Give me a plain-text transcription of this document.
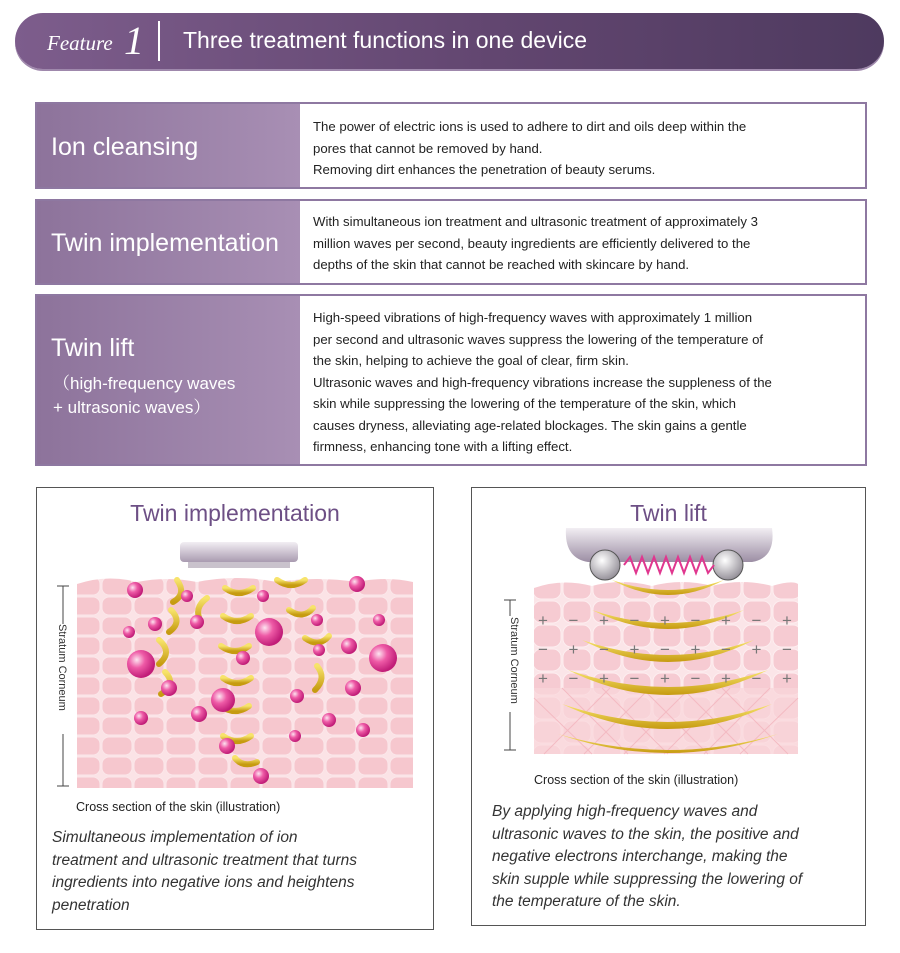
Feature 1 Three treatment functions in one device
Ion cleansing
The power of electric ions is used to adhere to dirt and oils deep within the
pores that cannot be removed by hand.
Removing dirt enhances the penetration of beauty serums.
Twin implementation
With simultaneous ion treatment and ultrasonic treatment of approximately 3
million waves per second, beauty ingredients are efficiently delivered to the
depths of the skin that cannot be reached with skincare by hand.
Twin lift
（high-frequency waves
+ ultrasonic waves）
High-speed vibrations of high-frequency waves with approximately 1 million
per second and ultrasonic waves suppress the lowering of the temperature of
the skin, helping to achieve the goal of clear, firm skin.
Ultrasonic waves and high-frequency vibrations increase the suppleness of the
skin while suppressing the lowering of the temperature of the skin, which
causes dryness, alleviating age-related blockages. The skin gains a gentle
firmness, enhancing tone with a lifting effect.
Twin implementation
Cross section of the skin (illustration)
Simultaneous implementation of ion
treatment and ultrasonic treatment that turns
ingredients into negative ions and heightens
penetration
Twin lift
+ − + − + − + − +
− + − + − + − + −
+ − + − + − + − +
Stratum Corneum
Cross section of the skin (illustration)
By applying high-frequency waves and
ultrasonic waves to the skin, the positive and
negative electrons interchange, making the
skin supple while suppressing the lowering of
the temperature of the skin.
Stratum Corneum
